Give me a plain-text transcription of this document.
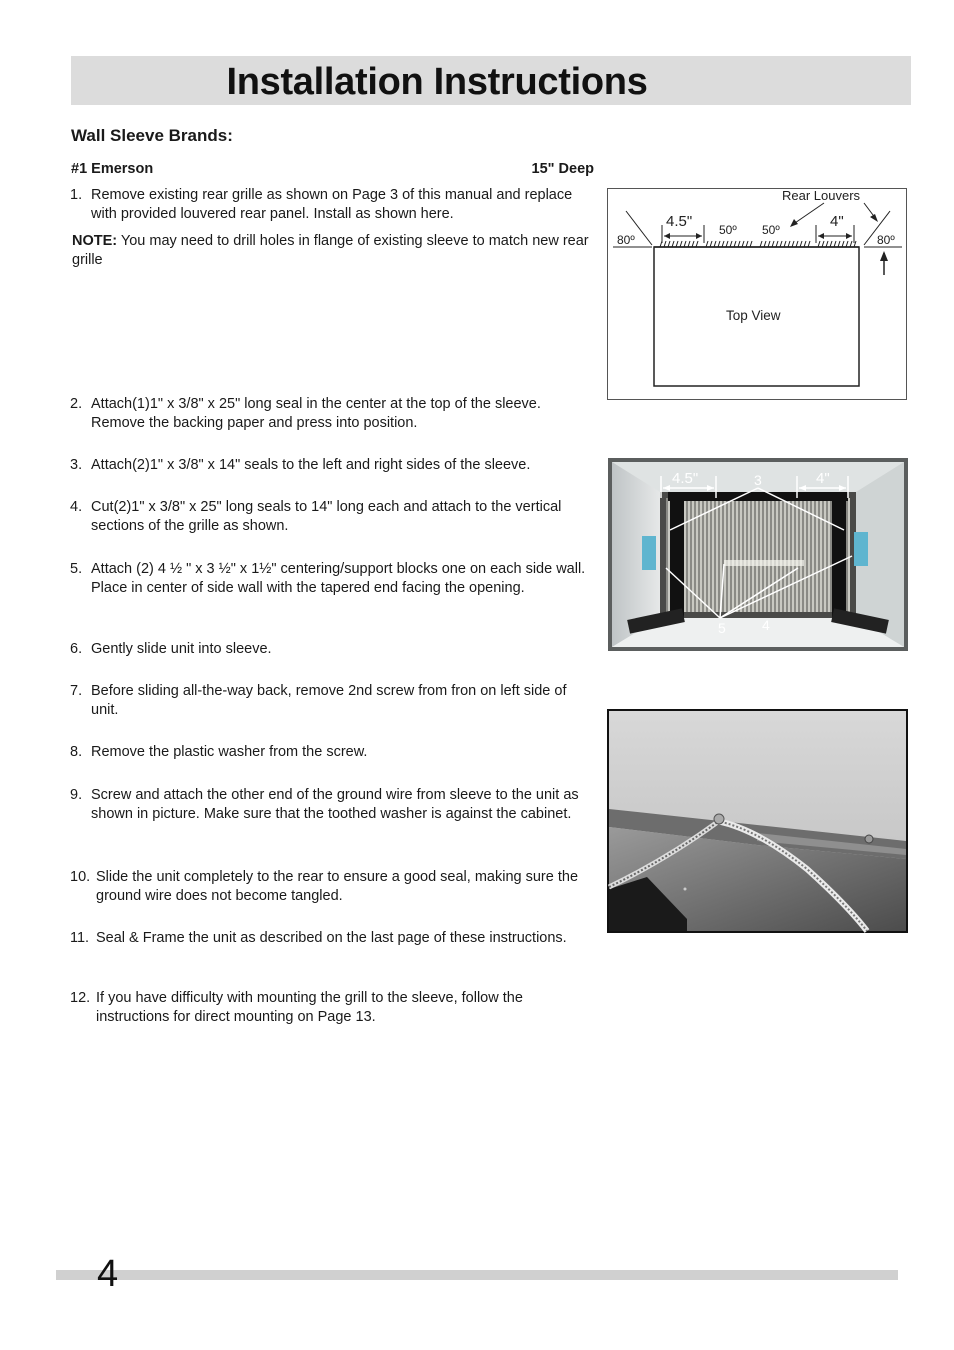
Installation Instructions
Wall Sleeve Brands:
#1 Emerson	15" Deep

1. Remove existing rear grille as shown on Page 3 of this manual and replace with provided louvered rear panel. Install as shown here.

NOTE: You may need to drill holes in flange of existing sleeve to match new rear grille

2. Attach(1)1" x 3/8" x 25" long seal in the center at the top of the sleeve. Remove the backing paper and press into position.

3. Attach(2)1" x 3/8" x 14" seals to the left and right sides of the sleeve.

4. Cut(2)1" x 3/8" x 25" long seals to 14" long each and attach to the vertical sections of the grille as shown.

5. Attach (2) 4 ½ " x 3 ½" x 1½" centering/support blocks one on each side wall. Place in center of side wall with the tapered end facing the opening.

6. Gently slide unit into sleeve.

7. Before sliding all-the-way back, remove 2nd screw from fron on left side of unit.

8. Remove the plastic washer from the screw.

9. Screw and attach the other end of the ground wire from sleeve to the unit as shown in picture. Make sure that the toothed washer is against the cabinet.

10. Slide the unit completely to the rear to ensure a good seal, making sure the ground wire does not become tangled.

11. Seal & Frame the unit as described on the last page of these instructions.

12. If you have difficulty with mounting the grill to the sleeve, follow the instructions for direct mounting on Page 13.

4.5"	4"
50º 50º
80º	80º
Rear Louvers
Top View
4.5"	4"
3
5	4
4
